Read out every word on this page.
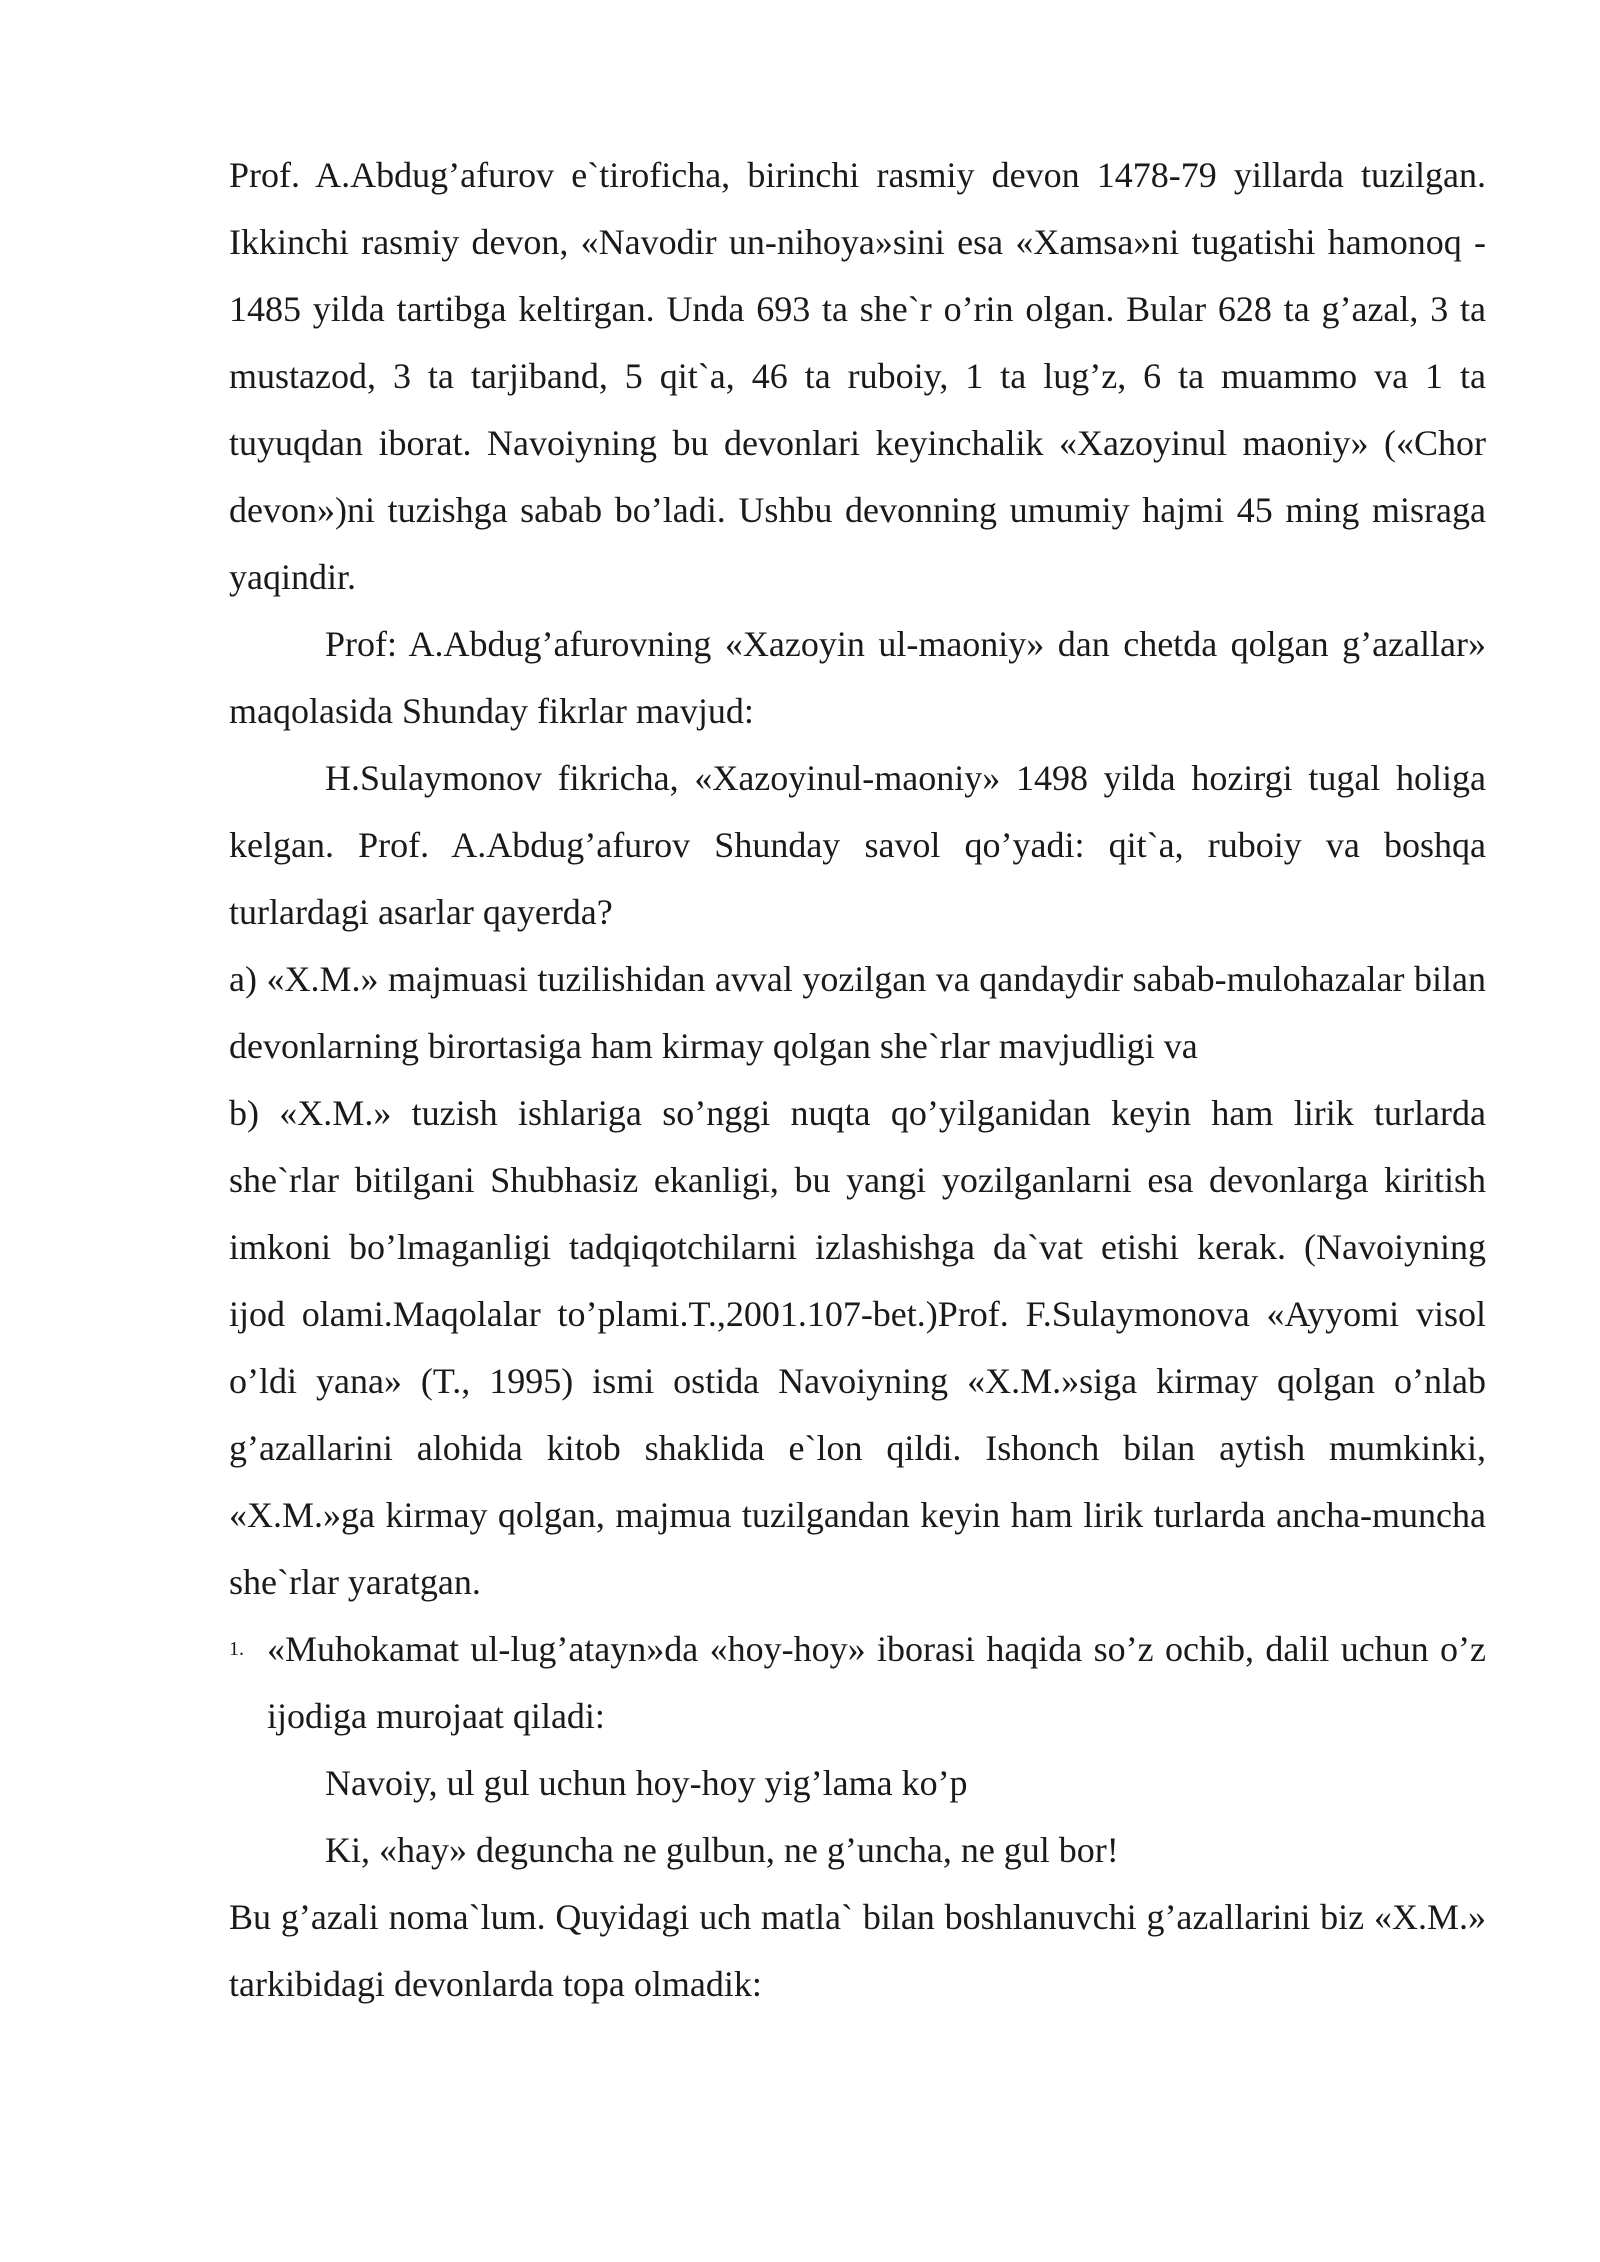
Prof. A.Abdug’afurov e`tiroficha, birinchi rasmiy devon 1478-79 yillarda tuzilgan. Ikkinchi rasmiy devon, «Navodir un-nihoya»sini esa «Xamsa»ni tugatishi hamonoq - 1485 yilda tartibga keltirgan. Unda 693 ta she`r o’rin olgan. Bular 628 ta g’azal, 3 ta mustazod, 3 ta tarjiband, 5 qit`a, 46 ta ruboiy, 1 ta lug’z, 6 ta muammo va 1 ta tuyuqdan iborat. Navoiyning bu devonlari keyinchalik «Xazoyinul maoniy» («Chor devon»)ni tuzishga sabab bo’ladi. Ushbu devonning umumiy hajmi 45 ming misraga yaqindir.

Prof: A.Abdug’afurovning «Xazoyin ul-maoniy» dan chetda qolgan g’azallar» maqolasida Shunday fikrlar mavjud:

H.Sulaymonov fikricha, «Xazoyinul-maoniy» 1498 yilda hozirgi tugal holiga kelgan. Prof. A.Abdug’afurov Shunday savol qo’yadi: qit`a, ruboiy va boshqa turlardagi asarlar qayerda?

a) «X.M.» majmuasi tuzilishidan avval yozilgan va qandaydir sabab-mulohazalar bilan devonlarning birortasiga ham kirmay qolgan she`rlar mavjudligi va

b) «X.M.» tuzish ishlariga so’nggi nuqta qo’yilganidan keyin ham lirik turlarda she`rlar bitilgani Shubhasiz ekanligi, bu yangi yozilganlarni esa devonlarga kiritish imkoni bo’lmaganligi tadqiqotchilarni izlashishga da`vat etishi kerak. (Navoiyning ijod olami.Maqolalar to’plami.T.,2001.107-bet.)Prof. F.Sulaymonova «Ayyomi visol o’ldi yana» (T., 1995) ismi ostida Navoiyning «X.M.»siga kirmay qolgan o’nlab g’azallarini alohida kitob shaklida e`lon qildi. Ishonch bilan aytish mumkinki, «X.M.»ga kirmay qolgan, majmua tuzilgandan keyin ham lirik turlarda ancha-muncha she`rlar yaratgan.

1. «Muhokamat ul-lug’atayn»da «hoy-hoy» iborasi haqida so’z ochib, dalil uchun o’z ijodiga murojaat qiladi:

Navoiy, ul gul uchun hoy-hoy yig’lama ko’p

Ki, «hay» deguncha ne gulbun, ne g’uncha, ne gul bor!

Bu g’azali noma`lum. Quyidagi uch matla` bilan boshlanuvchi g’azallarini biz «X.M.» tarkibidagi devonlarda topa olmadik:
